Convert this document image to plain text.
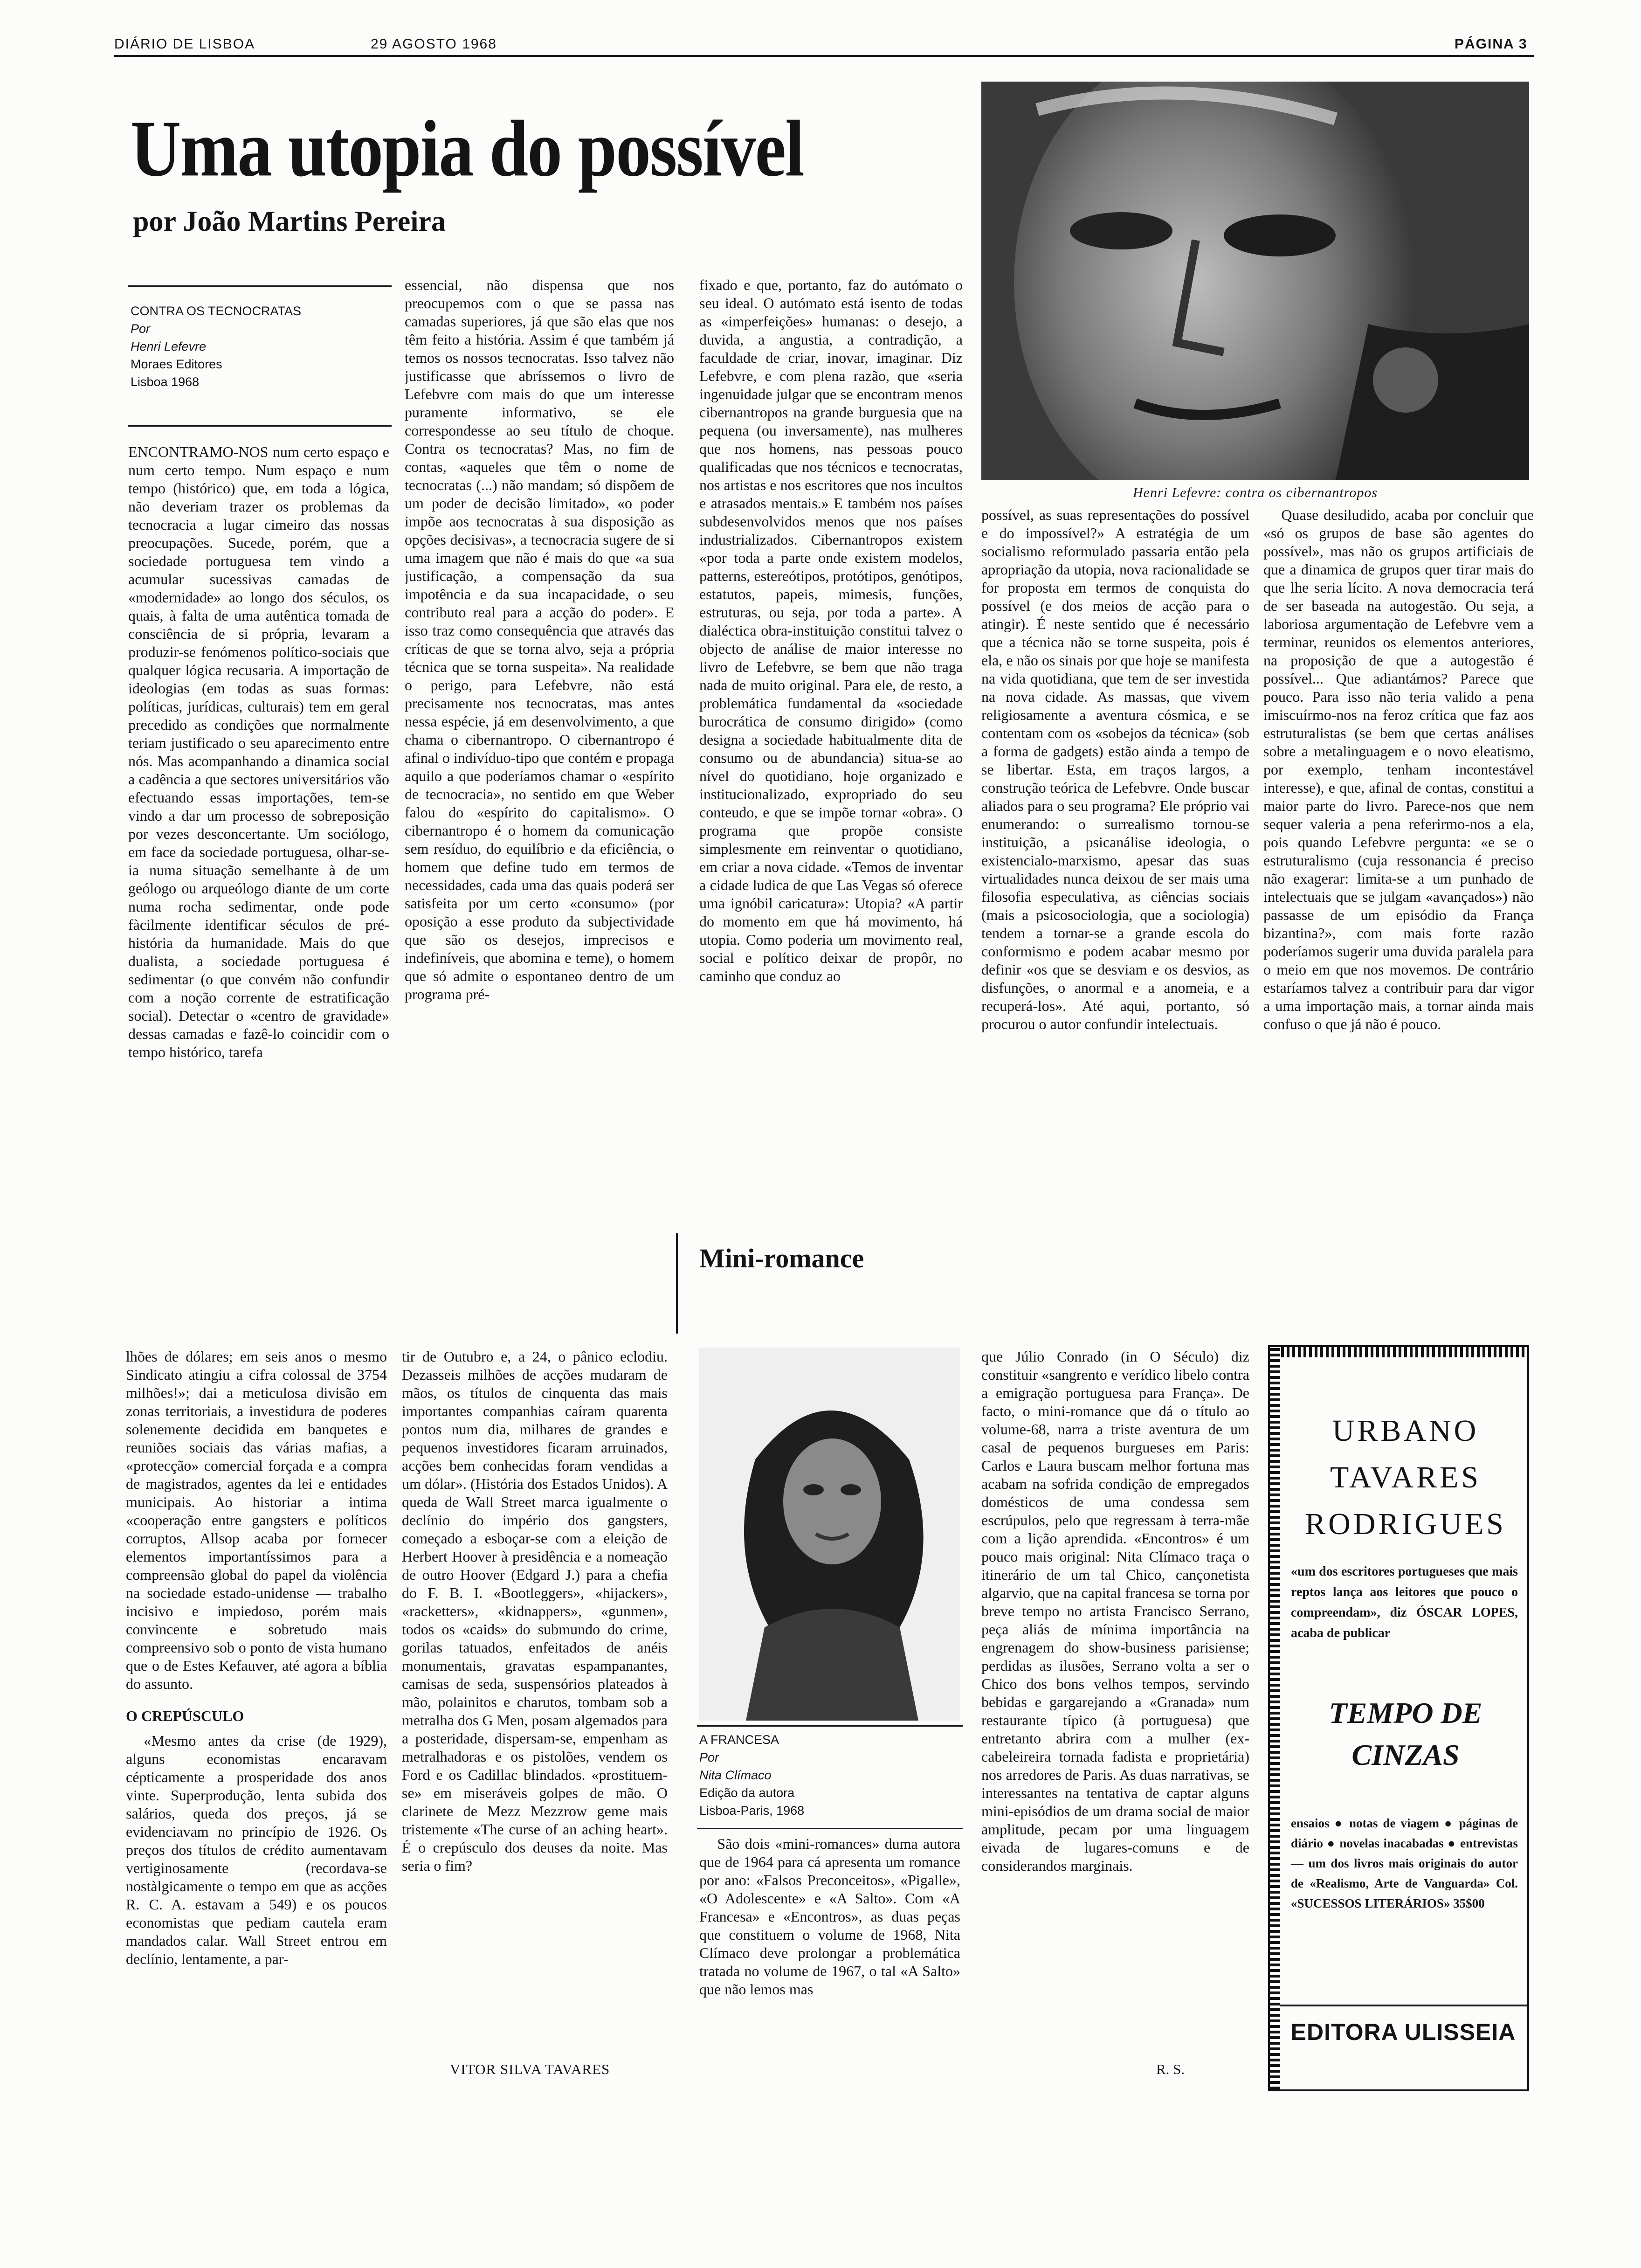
DIÁRIO DE LISBOA	29 AGOSTO 1968	PÁGINA 3
Uma utopia do possível
por João Martins Pereira
CONTRA OS TECNOCRATAS
Por
Henri Lefevre
Moraes Editores
Lisboa 1968

ENCONTRAMO-NOS num certo espaço e num certo tempo. Num espaço e num tempo (histórico) que, em toda a lógica, não deveriam trazer os problemas da tecnocracia a lugar cimeiro das nossas preocupações. Sucede, porém, que a sociedade portuguesa tem vindo a acumular sucessivas camadas de «modernidade» ao longo dos séculos, os quais, à falta de uma autêntica tomada de consciência de si própria, levaram a produzir-se fenómenos político-sociais que qualquer lógica recusaria. A importação de ideologias (em todas as suas formas: políticas, jurídicas, culturais) tem em geral precedido as condições que normalmente teriam justificado o seu aparecimento entre nós. Mas acompanhando a dinamica social a cadência a que sectores universitários vão efectuando essas importações, tem-se vindo a dar um processo de sobreposição por vezes desconcertante. Um sociólogo, em face da sociedade portuguesa, olhar-se-ia numa situação semelhante à de um geólogo ou arqueólogo diante de um corte numa rocha sedimentar, onde pode fàcilmente identificar séculos de pré-história da humanidade. Mais do que dualista, a sociedade portuguesa é sedimentar (o que convém não confundir com a noção corrente de estratificação social). Detectar o «centro de gravidade» dessas camadas e fazê-lo coincidir com o tempo histórico, tarefa

essencial, não dispensa que nos preocupemos com o que se passa nas camadas superiores, já que são elas que nos têm feito a história. Assim é que também já temos os nossos tecnocratas. Isso talvez não justificasse que abríssemos o livro de Lefebvre com mais do que um interesse puramente informativo, se ele correspondesse ao seu título de choque. Contra os tecnocratas? Mas, no fim de contas, «aqueles que têm o nome de tecnocratas (...) não mandam; só dispõem de um poder de decisão limitado», «o poder impõe aos tecnocratas à sua disposição as opções decisivas», a tecnocracia sugere de si uma imagem que não é mais do que «a sua justificação, a compensação da sua impotência e da sua incapacidade, o seu contributo real para a acção do poder». E isso traz como consequência que através das críticas de que se torna alvo, seja a própria técnica que se torna suspeita». Na realidade o perigo, para Lefebvre, não está precisamente nos tecnocratas, mas antes nessa espécie, já em desenvolvimento, a que chama o cibernantropo. O cibernantropo é afinal o indivíduo-tipo que contém e propaga aquilo a que poderíamos chamar o «espírito de tecnocracia», no sentido em que Weber falou do «espírito do capitalismo». O cibernantropo é o homem da comunicação sem resíduo, do equilíbrio e da eficiência, o homem que define tudo em termos de necessidades, cada uma das quais poderá ser satisfeita por um certo «consumo» (por oposição a esse produto da subjectividade que são os desejos, imprecisos e indefiníveis, que abomina e teme), o homem que só admite o espontaneo dentro de um programa pré-

fixado e que, portanto, faz do autómato o seu ideal. O autómato está isento de todas as «imperfeições» humanas: o desejo, a duvida, a angustia, a contradição, a faculdade de criar, inovar, imaginar. Diz Lefebvre, e com plena razão, que «seria ingenuidade julgar que se encontram menos cibernantropos na grande burguesia que na pequena (ou inversamente), nas mulheres que nos homens, nas pessoas pouco qualificadas que nos técnicos e tecnocratas, nos artistas e nos escritores que nos incultos e atrasados mentais.» E também nos países subdesenvolvidos menos que nos países industrializados. Cibernantropos existem «por toda a parte onde existem modelos, patterns, estereótipos, protótipos, genótipos, estatutos, papeis, mimesis, funções, estruturas, ou seja, por toda a parte». A dialéctica obra-instituição constitui talvez o objecto de análise de maior interesse no livro de Lefebvre, se bem que não traga nada de muito original. Para ele, de resto, a problemática fundamental da «sociedade burocrática de consumo dirigido» (como designa a sociedade habitualmente dita de consumo ou de abundancia) situa-se ao nível do quotidiano, hoje organizado e institucionalizado, expropriado do seu conteudo, e que se impõe tornar «obra». O programa que propõe consiste simplesmente em reinventar o quotidiano, em criar a nova cidade. «Temos de inventar a cidade ludica de que Las Vegas só oferece uma ignóbil caricatura»: Utopia? «A partir do momento em que há movimento, há utopia. Como poderia um movimento real, social e político deixar de propôr, no caminho que conduz ao

possível, as suas representações do possível e do impossível?» A estratégia de um socialismo reformulado passaria então pela apropriação da utopia, nova racionalidade se for proposta em termos de conquista do possível (e dos meios de acção para o atingir). É neste sentido que é necessário que a técnica não se torne suspeita, pois é ela, e não os sinais por que hoje se manifesta na vida quotidiana, que tem de ser investida na nova cidade. As massas, que vivem religiosamente a aventura cósmica, e se contentam com os «sobejos da técnica» (sob a forma de gadgets) estão ainda a tempo de se libertar. Esta, em traços largos, a construção teórica de Lefebvre. Onde buscar aliados para o seu programa? Ele próprio vai enumerando: o surrealismo tornou-se instituição, a psicanálise ideologia, o existencialo-marxismo, apesar das suas virtualidades nunca deixou de ser mais uma filosofia especulativa, as ciências sociais (mais a psicosociologia, que a sociologia) tendem a tornar-se a grande escola do conformismo e podem acabar mesmo por definir «os que se desviam e os desvios, as disfunções, o anormal e a anomeia, e a recuperá-los». Até aqui, portanto, só procurou o autor confundir intelectuais.

Quase desiludido, acaba por concluir que «só os grupos de base são agentes do possível», mas não os grupos artificiais de que a dinamica de grupos quer tirar mais do que lhe seria lícito. A nova democracia terá de ser baseada na autogestão. Ou seja, a laboriosa argumentação de Lefebvre vem a terminar, reunidos os elementos anteriores, na proposição de que a autogestão é possível... Que adiantámos? Parece que pouco. Para isso não teria valido a pena imiscuírmo-nos na feroz crítica que faz aos estruturalistas (se bem que certas análises sobre a metalinguagem e o novo eleatismo, por exemplo, tenham incontestável interesse), e que, afinal de contas, constitui a maior parte do livro. Parece-nos que nem sequer valeria a pena referirmo-nos a ela, pois quando Lefebvre pergunta: «e se o estruturalismo (cuja ressonancia é preciso não exagerar: limita-se a um punhado de intelectuais que se julgam «avançados») não passasse de um episódio da França bizantina?», com mais forte razão poderíamos sugerir uma duvida paralela para o meio em que nos movemos. De contrário estaríamos talvez a contribuir para dar vigor a uma importação mais, a tornar ainda mais confuso o que já não é pouco.

Henri Lefevre: contra os cibernantropos
Mini-romance

lhões de dólares; em seis anos o mesmo Sindicato atingiu a cifra colossal de 3754 milhões!»; dai a meticulosa divisão em zonas territoriais, a investidura de poderes solenemente decidida em banquetes e reuniões sociais das várias mafias, a «protecção» comercial forçada e a compra de magistrados, agentes da lei e entidades municipais. Ao historiar a intima «cooperação entre gangsters e políticos corruptos, Allsop acaba por fornecer elementos importantíssimos para a compreensão global do papel da violência na sociedade estado-unidense — trabalho incisivo e impiedoso, porém mais convincente e sobretudo mais compreensivo sob o ponto de vista humano que o de Estes Kefauver, até agora a bíblia do assunto.

O CREPÚSCULO

«Mesmo antes da crise (de 1929), alguns economistas encaravam cépticamente a prosperidade dos anos vinte. Superprodução, lenta subida dos salários, queda dos preços, já se evidenciavam no princípio de 1926. Os preços dos títulos de crédito aumentavam vertiginosamente (recordava-se nostàlgicamente o tempo em que as acções R. C. A. estavam a 549) e os poucos economistas que pediam cautela eram mandados calar. Wall Street entrou em declínio, lentamente, a par-

tir de Outubro e, a 24, o pânico eclodiu. Dezasseis milhões de acções mudaram de mãos, os títulos de cinquenta das mais importantes companhias caíram quarenta pontos num dia, milhares de grandes e pequenos investidores ficaram arruinados, acções bem conhecidas foram vendidas a um dólar». (História dos Estados Unidos). A queda de Wall Street marca igualmente o declínio do império dos gangsters, começado a esboçar-se com a eleição de Herbert Hoover à presidência e a nomeação de outro Hoover (Edgard J.) para a chefia do F. B. I. «Bootleggers», «hijackers», «racketters», «kidnappers», «gunmen», todos os «caids» do submundo do crime, gorilas tatuados, enfeitados de anéis monumentais, gravatas espampanantes, camisas de seda, suspensórios plateados à mão, polainitos e charutos, tombam sob a metralha dos G Men, posam algemados para a posteridade, dispersam-se, empenham as metralhadoras e os pistolões, vendem os Ford e os Cadillac blindados. «prostituem-se» em miseráveis golpes de mão. O clarinete de Mezz Mezzrow geme mais tristemente «The curse of an aching heart». É o crepúsculo dos deuses da noite. Mas seria o fim?

VITOR SILVA TAVARES
A FRANCESA
Por
Nita Clímaco
Edição da autora
Lisboa-Paris, 1968

São dois «mini-romances» duma autora que de 1964 para cá apresenta um romance por ano: «Falsos Preconceitos», «Pigalle», «O Adolescente» e «A Salto». Com «A Francesa» e «Encontros», as duas peças que constituem o volume de 1968, Nita Clímaco deve prolongar a problemática tratada no volume de 1967, o tal «A Salto» que não lemos mas

que Júlio Conrado (in O Século) diz constituir «sangrento e verídico libelo contra a emigração portuguesa para França». De facto, o mini-romance que dá o título ao volume-68, narra a triste aventura de um casal de pequenos burgueses em Paris: Carlos e Laura buscam melhor fortuna mas acabam na sofrida condição de empregados domésticos de uma condessa sem escrúpulos, pelo que regressam à terra-mãe com a lição aprendida. «Encontros» é um pouco mais original: Nita Clímaco traça o itinerário de um tal Chico, cançonetista algarvio, que na capital francesa se torna por breve tempo no artista Francisco Serrano, peça aliás de mínima importância na engrenagem do show-business parisiense; perdidas as ilusões, Serrano volta a ser o Chico dos bons velhos tempos, servindo bebidas e gargarejando a «Granada» num restaurante típico (à portuguesa) que entretanto abrira com a mulher (ex-cabeleireira tornada fadista e proprietária) nos arredores de Paris. As duas narrativas, se interessantes na tentativa de captar alguns mini-episódios de um drama social de maior amplitude, pecam por uma linguagem eivada de lugares-comuns e de considerandos marginais.

R. S.
URBANO
TAVARES
RODRIGUES
«um dos escritores portugueses que mais reptos lança aos leitores que pouco o compreendam», diz ÓSCAR LOPES, acaba de publicar
TEMPO DE
CINZAS
ensaios ● notas de viagem ● páginas de diário ● novelas inacabadas ● entrevistas — um dos livros mais originais do autor de «Realismo, Arte de Vanguarda» Col. «SUCESSOS LITERÁRIOS» 35$00
EDITORA ULISSEIA
